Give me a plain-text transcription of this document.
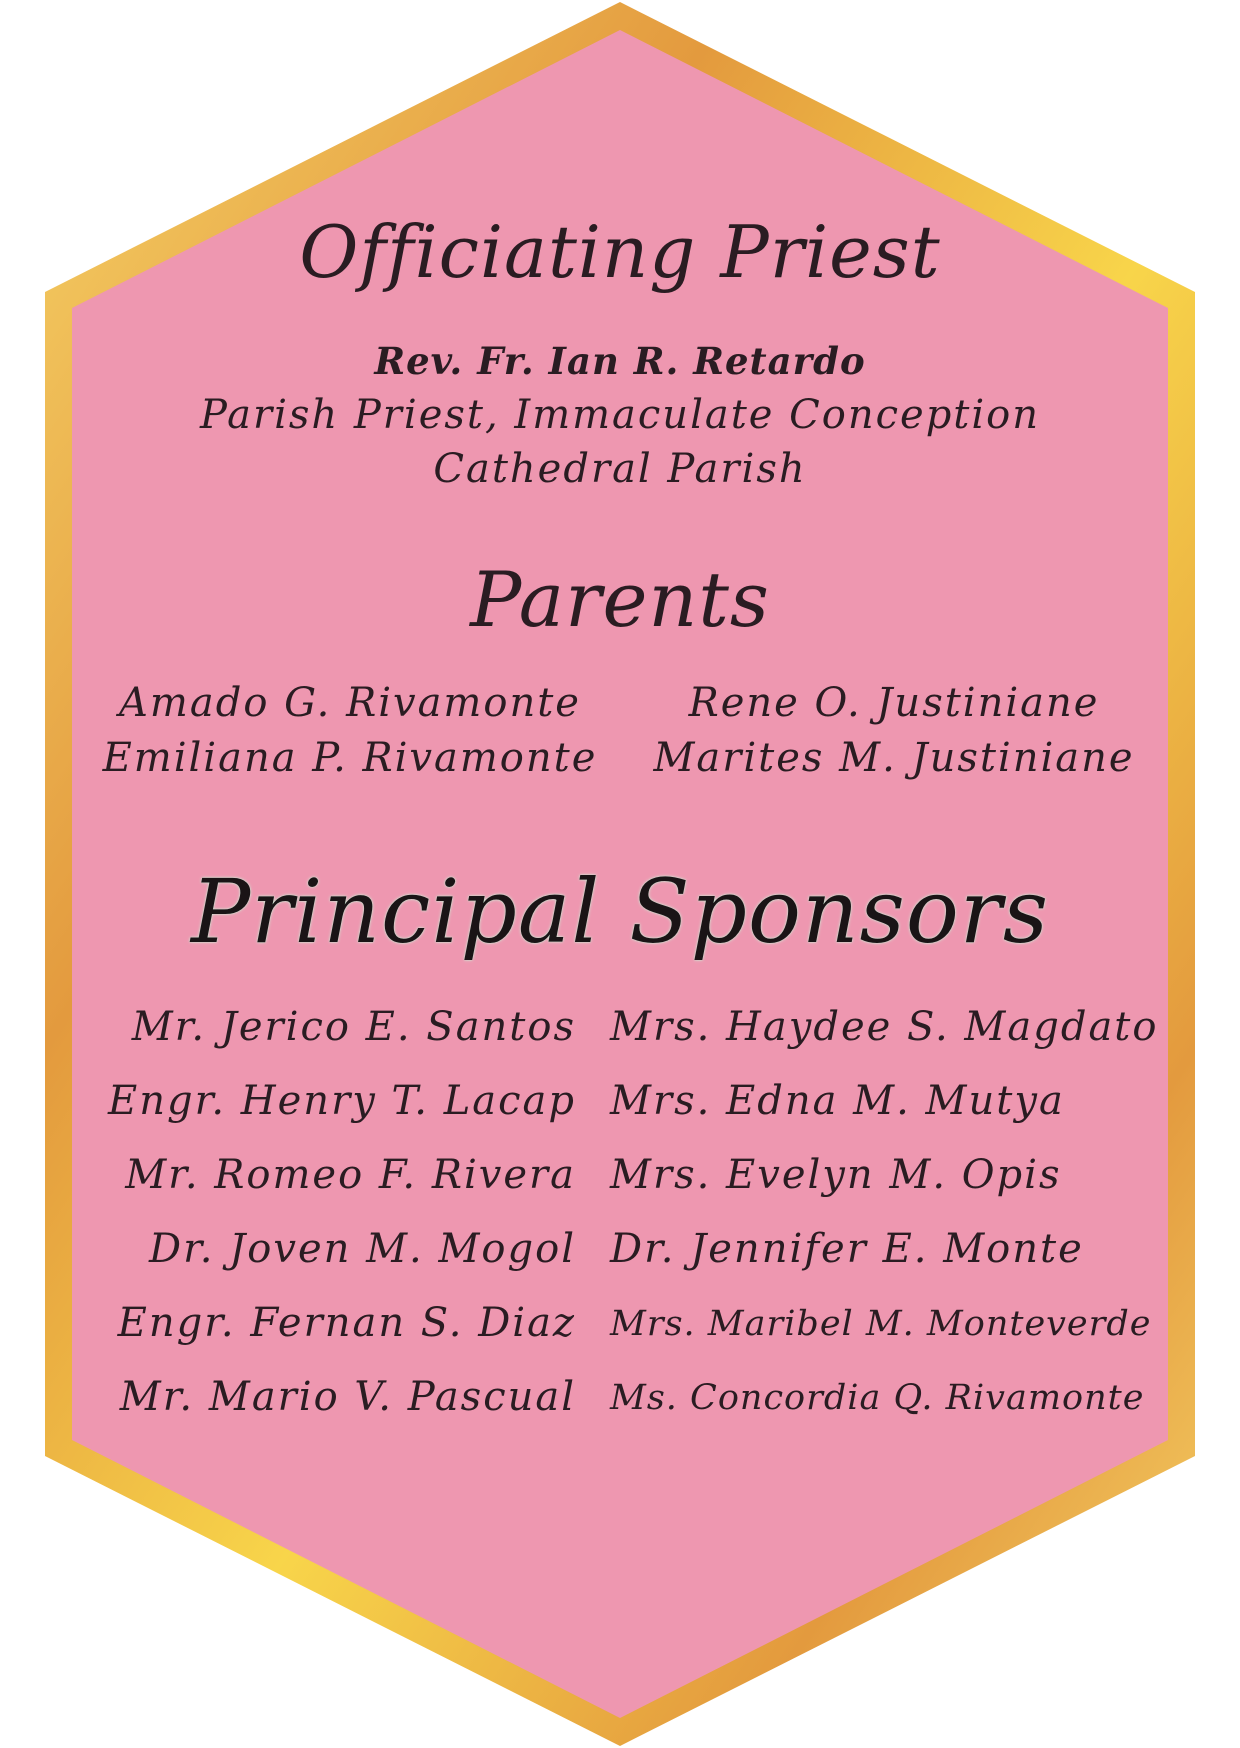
Officiating Priest
Rev. Fr. Ian R. Retardo
Parish Priest, Immaculate Conception
Cathedral Parish
Parents
Amado G. Rivamonte
Emiliana P. Rivamonte
Rene O. Justiniane
Marites M. Justiniane
Principal Sponsors
Mr. Jerico E. Santos
Engr. Henry T. Lacap
Mr. Romeo F. Rivera
Dr. Joven M. Mogol
Engr. Fernan S. Diaz
Mr. Mario V. Pascual
Mrs. Haydee S. Magdato
Mrs. Edna M. Mutya
Mrs. Evelyn M. Opis
Dr. Jennifer E. Monte
Mrs. Maribel M. Monteverde
Ms. Concordia Q. Rivamonte
